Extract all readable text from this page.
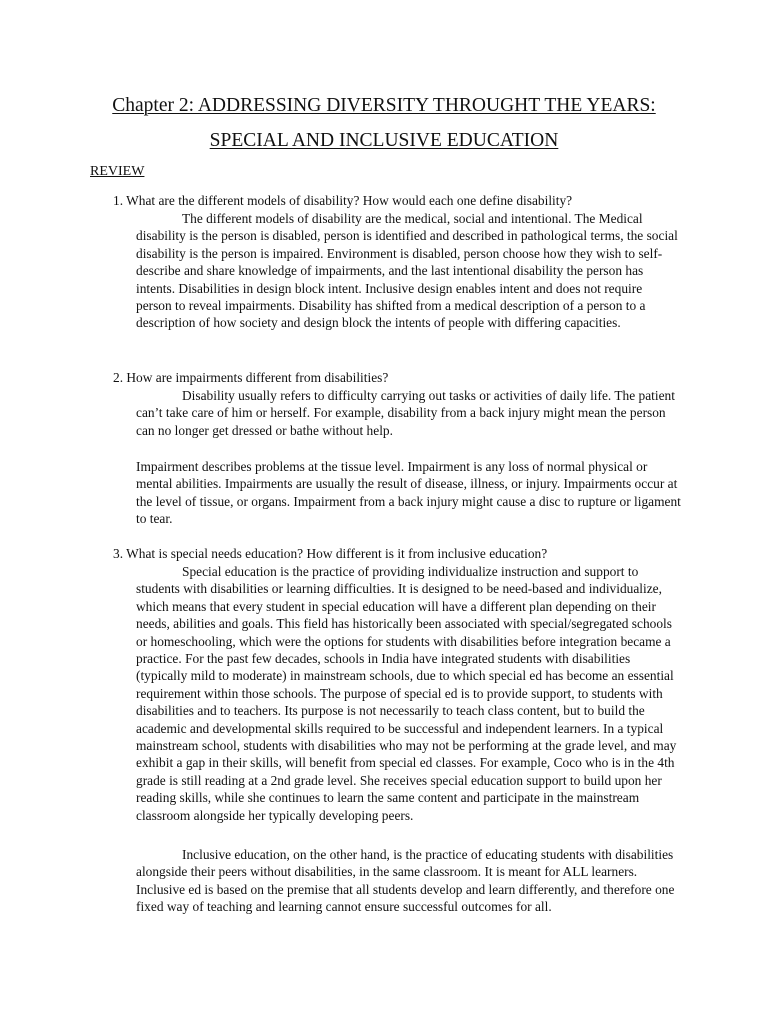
Chapter 2: ADDRESSING DIVERSITY THROUGHT THE YEARS:
SPECIAL AND INCLUSIVE EDUCATION
REVIEW
1. What are the different models of disability? How would each one define disability?
The different models of disability are the medical, social and intentional. The Medical disability is the person is disabled, person is identified and described in pathological terms, the social disability is the person is impaired. Environment is disabled, person choose how they wish to self-describe and share knowledge of impairments, and the last intentional disability the person has intents. Disabilities in design block intent. Inclusive design enables intent and does not require person to reveal impairments. Disability has shifted from a medical description of a person to a description of how society and design block the intents of people with differing capacities.
2. How are impairments different from disabilities?
Disability usually refers to difficulty carrying out tasks or activities of daily life. The patient can’t take care of him or herself. For example, disability from a back injury might mean the person can no longer get dressed or bathe without help.
Impairment describes problems at the tissue level. Impairment is any loss of normal physical or mental abilities. Impairments are usually the result of disease, illness, or injury. Impairments occur at the level of tissue, or organs. Impairment from a back injury might cause a disc to rupture or ligament to tear.
3. What is special needs education? How different is it from inclusive education?
Special education is the practice of providing individualize instruction and support to students with disabilities or learning difficulties. It is designed to be need-based and individualize, which means that every student in special education will have a different plan depending on their needs, abilities and goals. This field has historically been associated with special/segregated schools or homeschooling, which were the options for students with disabilities before integration became a practice. For the past few decades, schools in India have integrated students with disabilities (typically mild to moderate) in mainstream schools, due to which special ed has become an essential requirement within those schools. The purpose of special ed is to provide support, to students with disabilities and to teachers. Its purpose is not necessarily to teach class content, but to build the academic and developmental skills required to be successful and independent learners. In a typical mainstream school, students with disabilities who may not be performing at the grade level, and may exhibit a gap in their skills, will benefit from special ed classes. For example, Coco who is in the 4th grade is still reading at a 2nd grade level. She receives special education support to build upon her reading skills, while she continues to learn the same content and participate in the mainstream classroom alongside her typically developing peers.
Inclusive education, on the other hand, is the practice of educating students with disabilities alongside their peers without disabilities, in the same classroom. It is meant for ALL learners. Inclusive ed is based on the premise that all students develop and learn differently, and therefore one fixed way of teaching and learning cannot ensure successful outcomes for all.
